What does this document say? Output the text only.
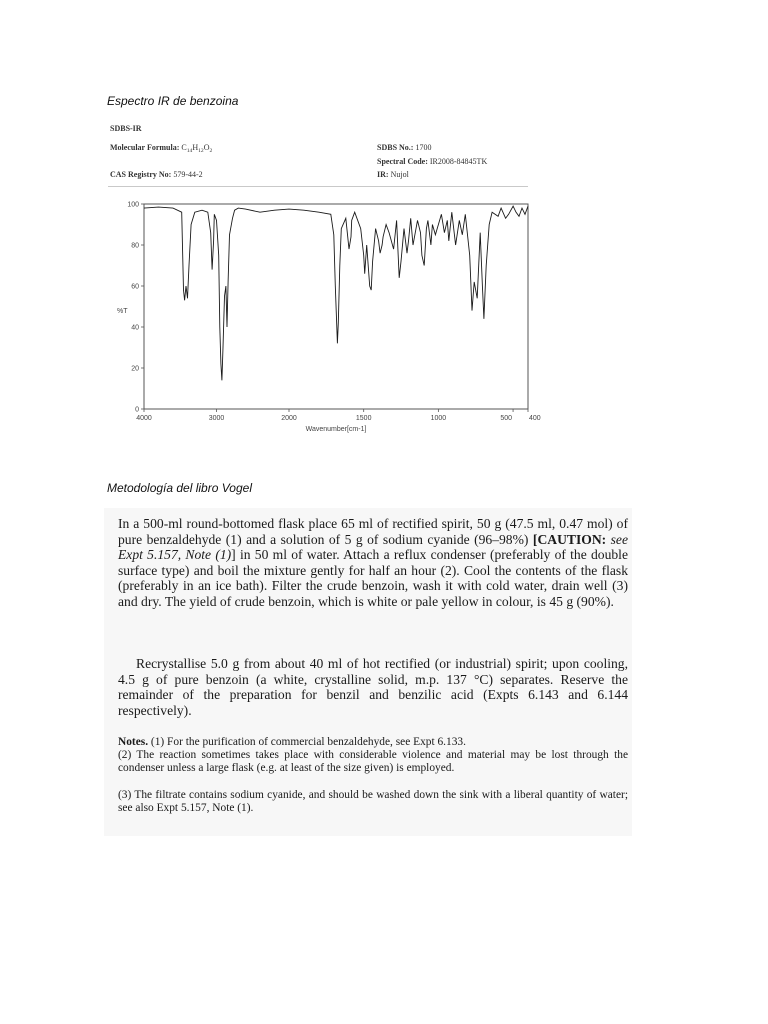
Espectro IR de benzoina
SDBS-IR
Molecular Formula: $C_{14}H_{12}O_2$
CAS Registry No: 579-44-2
SDBS No.: 1700
Spectral Code: IR2008-84845TK
IR: Nujol
0
20
40
60
80
100
4000	3000	2000	1500	1000	500 400
%T
Wavenumber[cm-1]
Metodología del libro Vogel

In a 500-ml round-bottomed flask place 65 ml of rectified spirit, 50 g (47.5 ml, 0.47 mol) of pure benzaldehyde (1) and a solution of 5 g of sodium cyanide (96–98%) [CAUTION: see Expt 5.157, Note (1)] in 50 ml of water. Attach a reflux condenser (preferably of the double surface type) and boil the mixture gently for half an hour (2). Cool the contents of the flask (preferably in an ice bath). Filter the crude benzoin, wash it with cold water, drain well (3) and dry. The yield of crude benzoin, which is white or pale yellow in colour, is 45 g (90%).

Recrystallise 5.0 g from about 40 ml of hot rectified (or industrial) spirit; upon cooling, 4.5 g of pure benzoin (a white, crystalline solid, m.p. 137 °C) separates. Reserve the remainder of the preparation for benzil and benzilic acid (Expts 6.143 and 6.144 respectively).

Notes. (1) For the purification of commercial benzaldehyde, see Expt 6.133.

(2) The reaction sometimes takes place with considerable violence and material may be lost through the condenser unless a large flask (e.g. at least of the size given) is employed.

(3) The filtrate contains sodium cyanide, and should be washed down the sink with a liberal quantity of water; see also Expt 5.157, Note (1).
